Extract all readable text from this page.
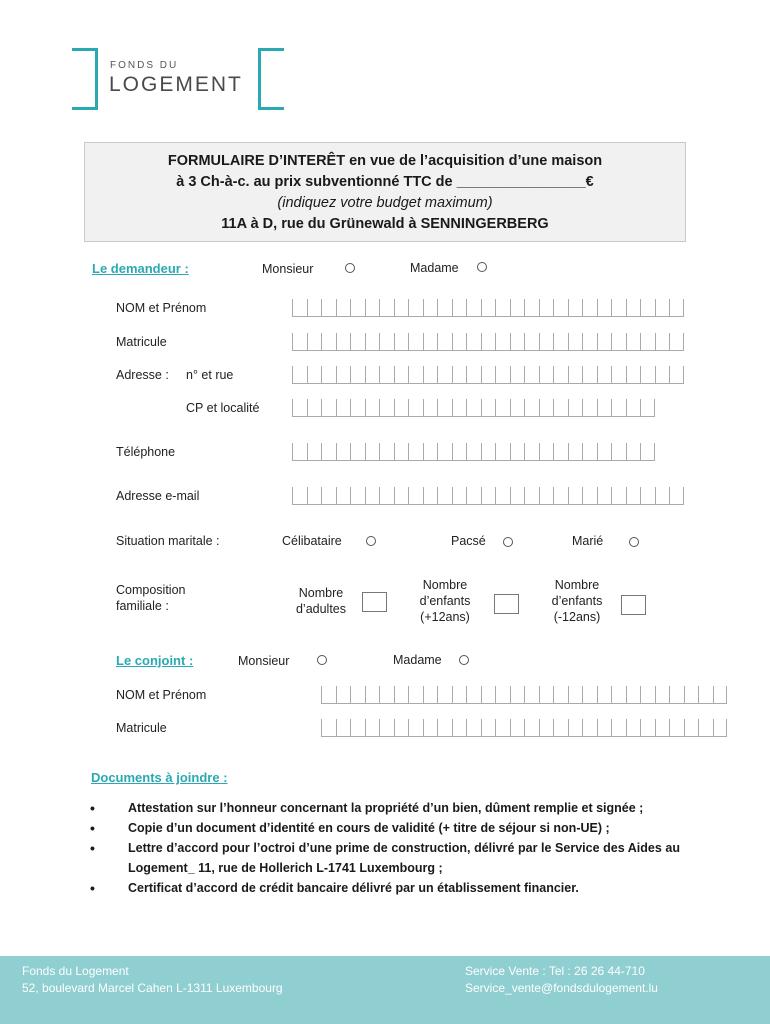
FONDS DU
LOGEMENT
FORMULAIRE D’INTERÊT en vue de l’acquisition d’une maison
à 3 Ch-à-c. au prix subventionné TTC de ________________€
(indiquez votre budget maximum)
11A à D, rue du Grünewald à SENNINGERBERG
Le demandeur :	Monsieur	Madame
NOM et Prénom
Matricule
Adresse : n° et rue
CP et localité
Téléphone
Adresse e-mail
Situation maritale :	Célibataire	Pacsé	Marié
Composition
familiale :
Nombre
d’adultes
Nombre
d’enfants
(+12ans)
Nombre
d’enfants
(-12ans)
Le conjoint :	Monsieur	Madame
NOM et Prénom
Matricule
Documents à joindre :
•	Attestation sur l’honneur concernant la propriété d’un bien, dûment remplie et signée ;
•	Copie d’un document d’identité en cours de validité (+ titre de séjour si non-UE) ;
•	Lettre d’accord pour l’octroi d’une prime de construction, délivré par le Service des Aides au Logement_ 11, rue de Hollerich L-1741 Luxembourg ;
•	Certificat d’accord de crédit bancaire délivré par un établissement financier.
Fonds du Logement
52, boulevard Marcel Cahen L-1311 Luxembourg
Service Vente : Tel : 26 26 44-710
Service_vente@fondsdulogement.lu
